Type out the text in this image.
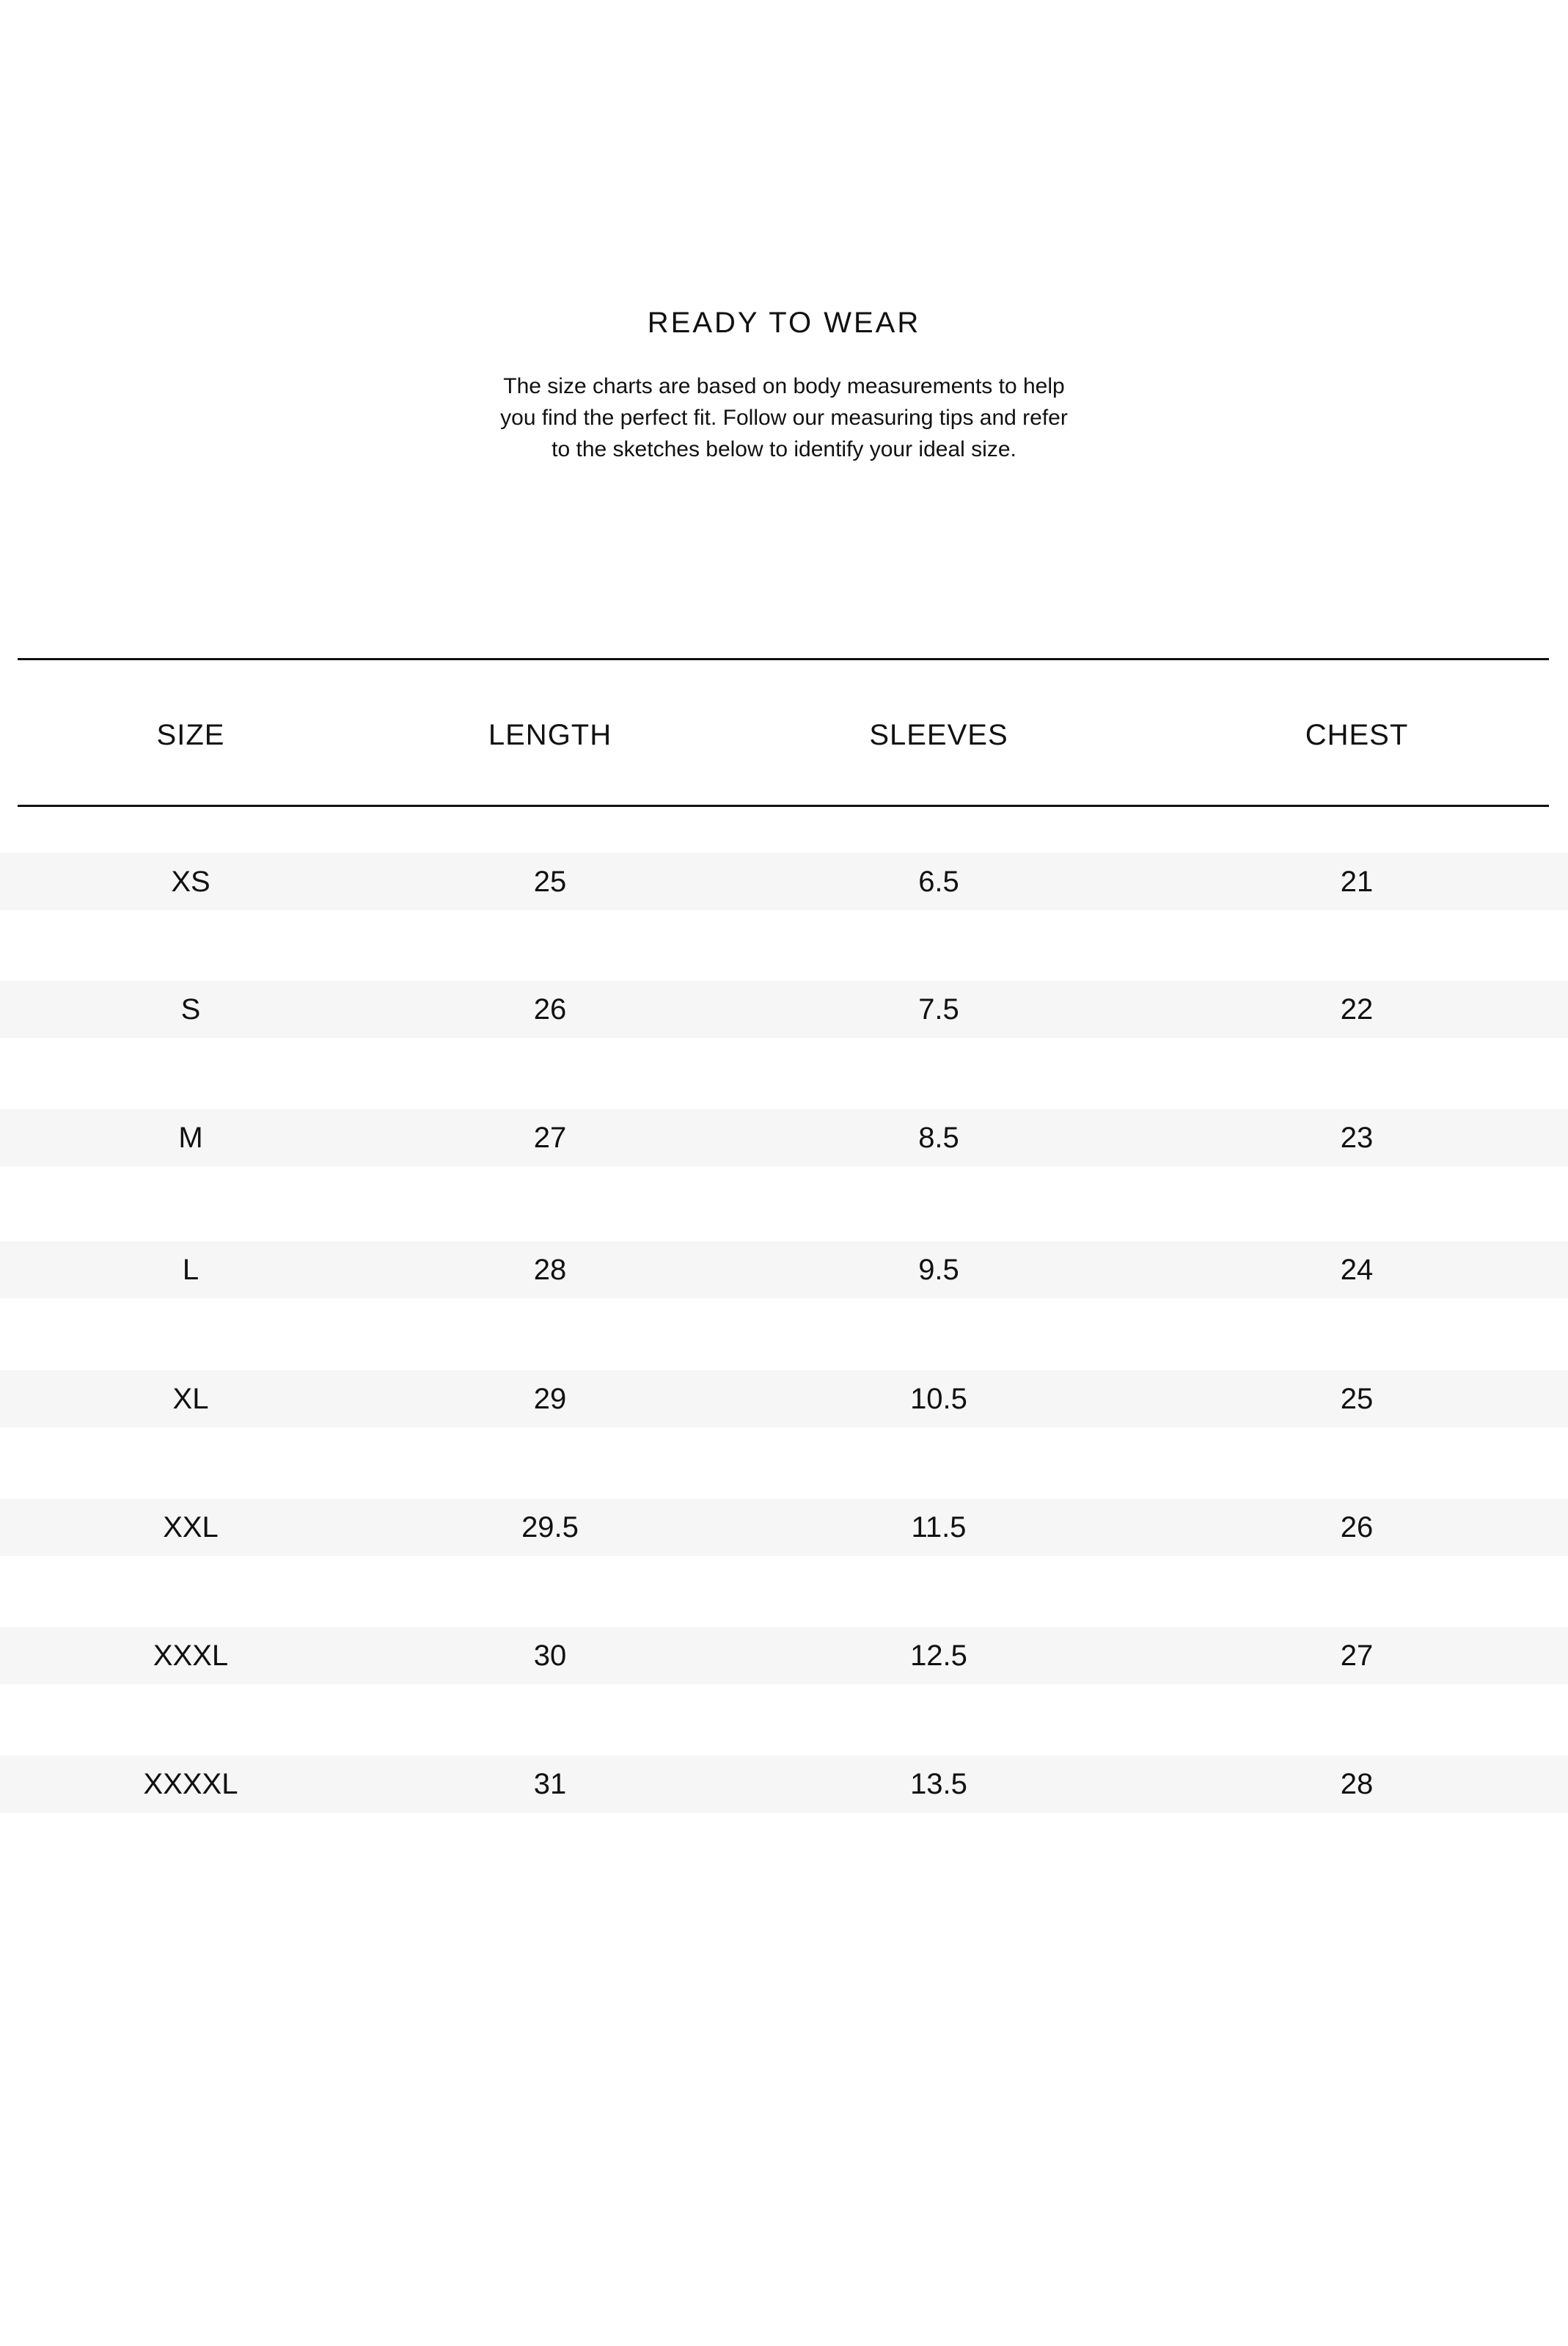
READY TO WEAR

The size charts are based on body measurements to help
you find the perfect fit. Follow our measuring tips and refer
to the sketches below to identify your ideal size.

SIZE	LENGTH	SLEEVES	CHEST
XS	25	6.5	21
S	26	7.5	22
M	27	8.5	23
L	28	9.5	24
XL	29	10.5	25
XXL	29.5	11.5	26
XXXL	30	12.5	27
XXXXL	31	13.5	28
